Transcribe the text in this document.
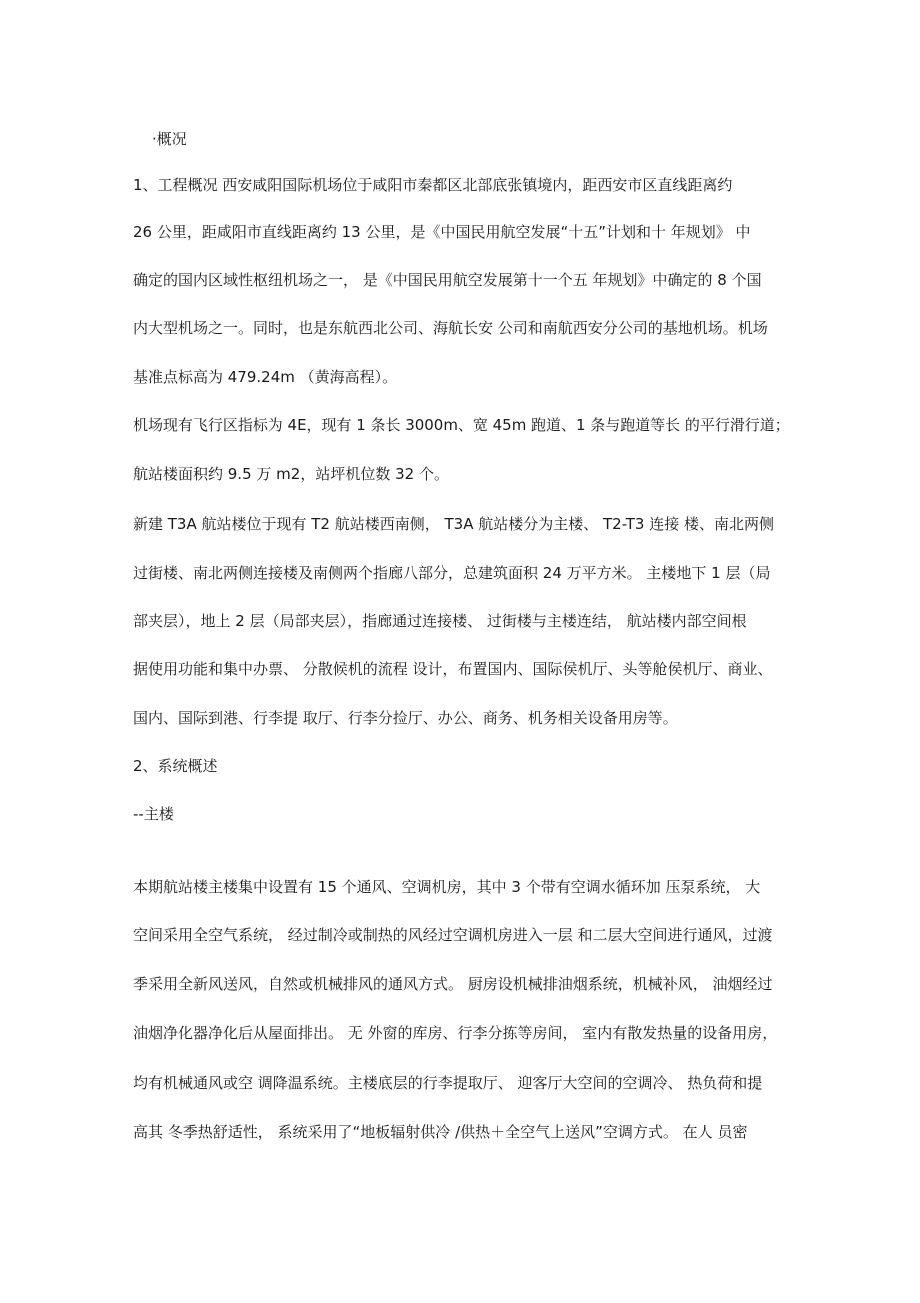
·概况
1、工程概况 西安咸阳国际机场位于咸阳市秦都区北部底张镇境内，距西安市区直线距离约
26 公里，距咸阳市直线距离约 13 公里，是《中国民用航空发展“十五”计划和十 年规划》 中
确定的国内区域性枢纽机场之一， 是《中国民用航空发展第十一个五 年规划》中确定的 8 个国
内大型机场之一。同时，也是东航西北公司、海航长安 公司和南航西安分公司的基地机场。机场
基准点标高为 479.24m （黄海高程）。
机场现有飞行区指标为 4E，现有 1 条长 3000m、宽 45m 跑道、1 条与跑道等长 的平行滑行道；
航站楼面积约 9.5 万 m2，站坪机位数 32 个。
新建 T3A 航站楼位于现有 T2 航站楼西南侧， T3A 航站楼分为主楼、 T2-T3 连接 楼、南北两侧
过街楼、南北两侧连接楼及南侧两个指廊八部分，总建筑面积 24 万平方米。 主楼地下 1 层（局
部夹层），地上 2 层（局部夹层），指廊通过连接楼、 过街楼与主楼连结， 航站楼内部空间根
据使用功能和集中办票、 分散候机的流程 设计，布置国内、国际侯机厅、头等舱侯机厅、商业、
国内、国际到港、行李提 取厅、行李分捡厅、办公、商务、机务相关设备用房等。
2、系统概述
--主楼
本期航站楼主楼集中设置有 15 个通风、空调机房，其中 3 个带有空调水循环加 压泵系统， 大
空间采用全空气系统， 经过制冷或制热的风经过空调机房进入一层 和二层大空间进行通风，过渡
季采用全新风送风，自然或机械排风的通风方式。 厨房设机械排油烟系统，机械补风， 油烟经过
油烟净化器净化后从屋面排出。 无 外窗的库房、行李分拣等房间， 室内有散发热量的设备用房，
均有机械通风或空 调降温系统。主楼底层的行李提取厅、 迎客厅大空间的空调冷、 热负荷和提
高其 冬季热舒适性， 系统采用了“地板辐射供冷 /供热＋全空气上送风”空调方式。 在人 员密
